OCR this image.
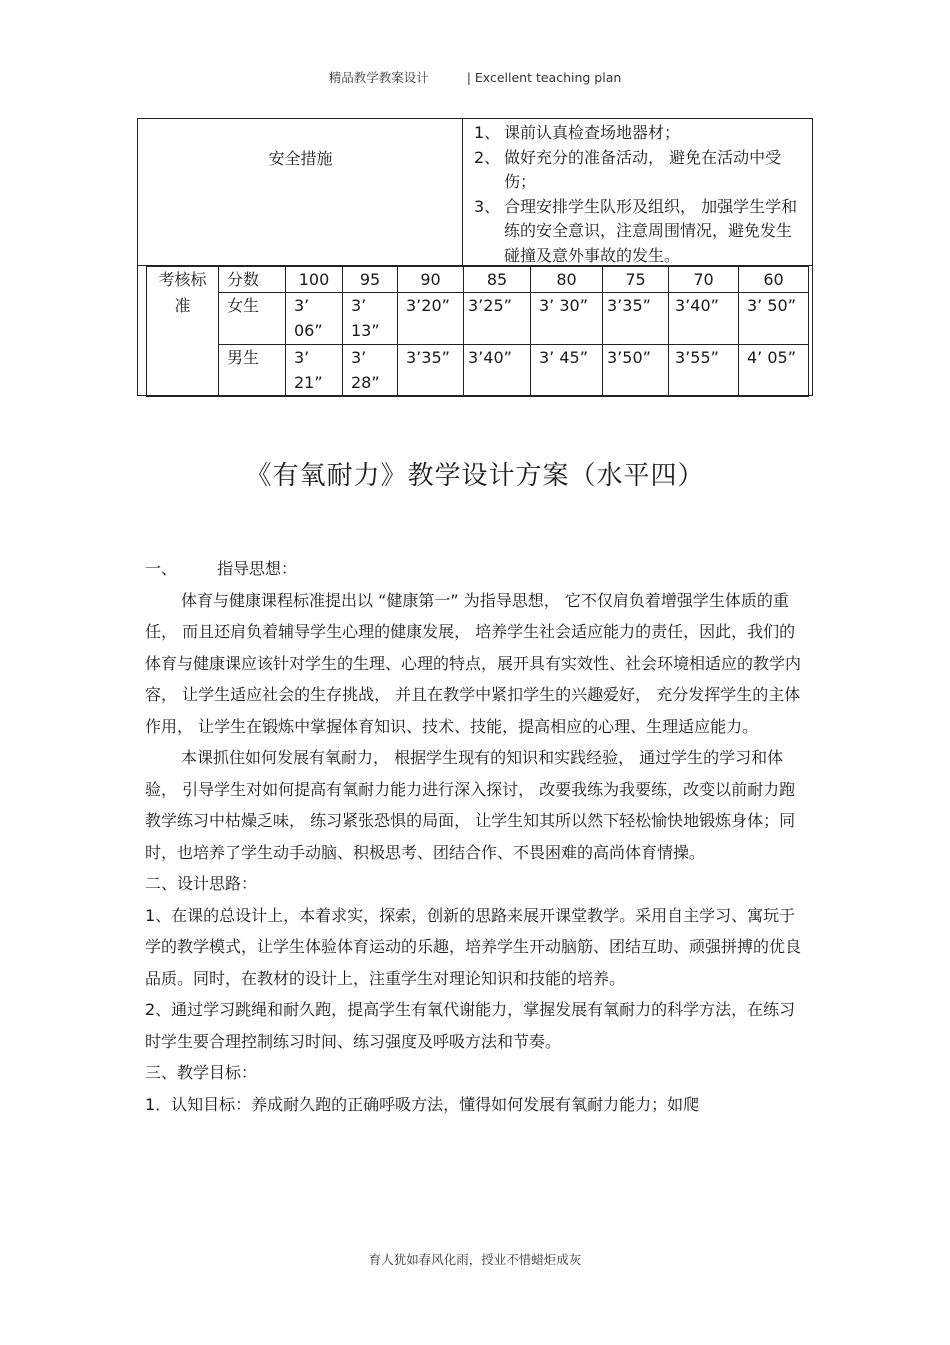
精品教学教案设计	| Excellent teaching plan
安全措施
1、 课前认真检查场地器材；
2、 做好充分的准备活动， 避免在活动中受伤；
3、 合理安排学生队形及组织， 加强学生学和练的安全意识，注意周围情况，避免发生碰撞及意外事故的发生。
考核标准	分数	100	95	90	85	80	75	70	60
	女生	3’ 06”	3’ 13”	3’20”	3’25”	3’ 30”	3’35”	3’40”	3’ 50”
	男生	3’ 21”	3’ 28”	3’35”	3’40”	3’ 45”	3’50”	3’55”	4’ 05”
《有氧耐力》教学设计方案（水平四）

一、	指导思想：

体育与健康课程标准提出以 “健康第一” 为指导思想， 它不仅肩负着增强学生体质的重任， 而且还肩负着辅导学生心理的健康发展， 培养学生社会适应能力的责任，因此，我们的体育与健康课应该针对学生的生理、心理的特点，展开具有实效性、社会环境相适应的教学内容， 让学生适应社会的生存挑战， 并且在教学中紧扣学生的兴趣爱好， 充分发挥学生的主体作用， 让学生在锻炼中掌握体育知识、技术、技能，提高相应的心理、生理适应能力。

本课抓住如何发展有氧耐力， 根据学生现有的知识和实践经验， 通过学生的学习和体验， 引导学生对如何提高有氧耐力能力进行深入探讨， 改要我练为我要练，改变以前耐力跑教学练习中枯燥乏味， 练习紧张恐惧的局面， 让学生知其所以然下轻松愉快地锻炼身体；同时，也培养了学生动手动脑、积极思考、团结合作、不畏困难的高尚体育情操。

二、设计思路：

1、在课的总设计上，本着求实，探索，创新的思路来展开课堂教学。采用自主学习、寓玩于学的教学模式，让学生体验体育运动的乐趣，培养学生开动脑筋、团结互助、顽强拼搏的优良品质。同时，在教材的设计上，注重学生对理论知识和技能的培养。

2、通过学习跳绳和耐久跑，提高学生有氧代谢能力，掌握发展有氧耐力的科学方法，在练习时学生要合理控制练习时间、练习强度及呼吸方法和节奏。

三、教学目标：

1．认知目标：养成耐久跑的正确呼吸方法，懂得如何发展有氧耐力能力；如爬

育人犹如春风化雨，授业不惜蜡炬成灰
